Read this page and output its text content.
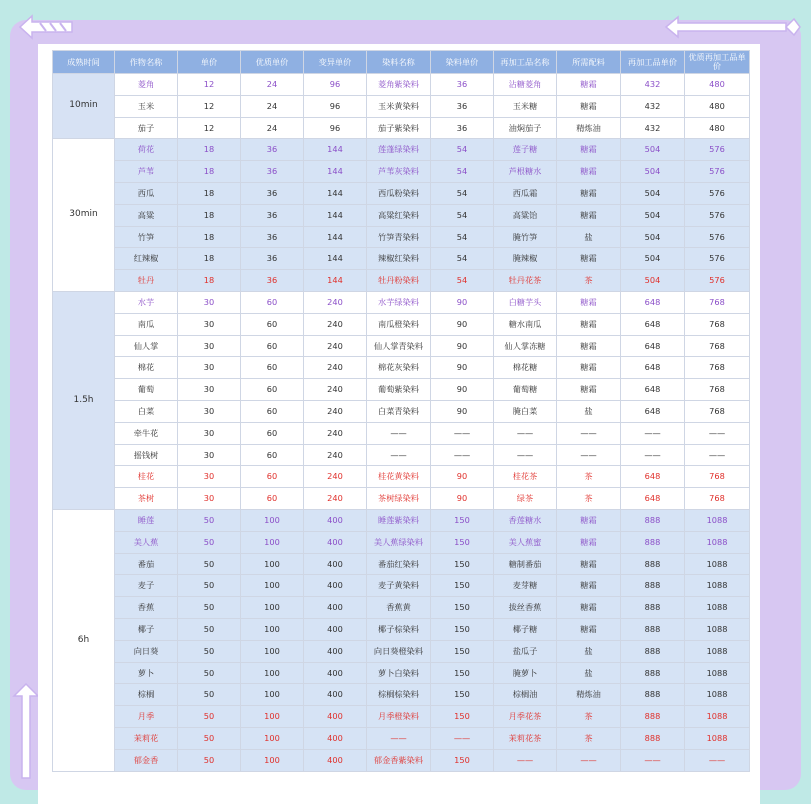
成熟时间	作物名称	单价	优质单价	变异单价	染料名称	染料单价	再加工品名称	所需配料	再加工品单价	优质再加工品单价
10min	菱角	12	24	96	菱角紫染料	36	沾糖菱角	糖霜	432	480
	玉米	12	24	96	玉米黄染料	36	玉米糖	糖霜	432	480
	茄子	12	24	96	茄子紫染料	36	油焖茄子	精炼油	432	480
30min	荷花	18	36	144	莲蓬绿染料	54	莲子糖	糖霜	504	576
	芦苇	18	36	144	芦苇灰染料	54	芦根糖水	糖霜	504	576
	西瓜	18	36	144	西瓜粉染料	54	西瓜霜	糖霜	504	576
	高粱	18	36	144	高粱红染料	54	高粱饴	糖霜	504	576
	竹笋	18	36	144	竹笋青染料	54	腌竹笋	盐	504	576
	红辣椒	18	36	144	辣椒红染料	54	腌辣椒	糖霜	504	576
	牡丹	18	36	144	牡丹粉染料	54	牡丹花茶	茶	504	576
1.5h	水芋	30	60	240	水芋绿染料	90	白糖芋头	糖霜	648	768
	南瓜	30	60	240	南瓜橙染料	90	糖水南瓜	糖霜	648	768
	仙人掌	30	60	240	仙人掌青染料	90	仙人掌冻糖	糖霜	648	768
	棉花	30	60	240	棉花灰染料	90	棉花糖	糖霜	648	768
	葡萄	30	60	240	葡萄紫染料	90	葡萄糖	糖霜	648	768
	白菜	30	60	240	白菜青染料	90	腌白菜	盐	648	768
	牵牛花	30	60	240	——	——	——	——	——	——
	摇钱树	30	60	240	——	——	——	——	——	——
	桂花	30	60	240	桂花黄染料	90	桂花茶	茶	648	768
	茶树	30	60	240	茶树绿染料	90	绿茶	茶	648	768
6h	睡莲	50	100	400	睡莲紫染料	150	香莲糖水	糖霜	888	1088
	美人蕉	50	100	400	美人蕉绿染料	150	美人蕉蜜	糖霜	888	1088
	番茄	50	100	400	番茄红染料	150	糖制番茄	糖霜	888	1088
	麦子	50	100	400	麦子黄染料	150	麦芽糖	糖霜	888	1088
	香蕉	50	100	400	香蕉黄	150	拔丝香蕉	糖霜	888	1088
	椰子	50	100	400	椰子棕染料	150	椰子糖	糖霜	888	1088
	向日葵	50	100	400	向日葵橙染料	150	盐瓜子	盐	888	1088
	萝卜	50	100	400	萝卜白染料	150	腌萝卜	盐	888	1088
	棕榈	50	100	400	棕榈棕染料	150	棕榈油	精炼油	888	1088
	月季	50	100	400	月季橙染料	150	月季花茶	茶	888	1088
	茉莉花	50	100	400	——	——	茉莉花茶	茶	888	1088
	郁金香	50	100	400	郁金香紫染料	150	——	——	——	——
